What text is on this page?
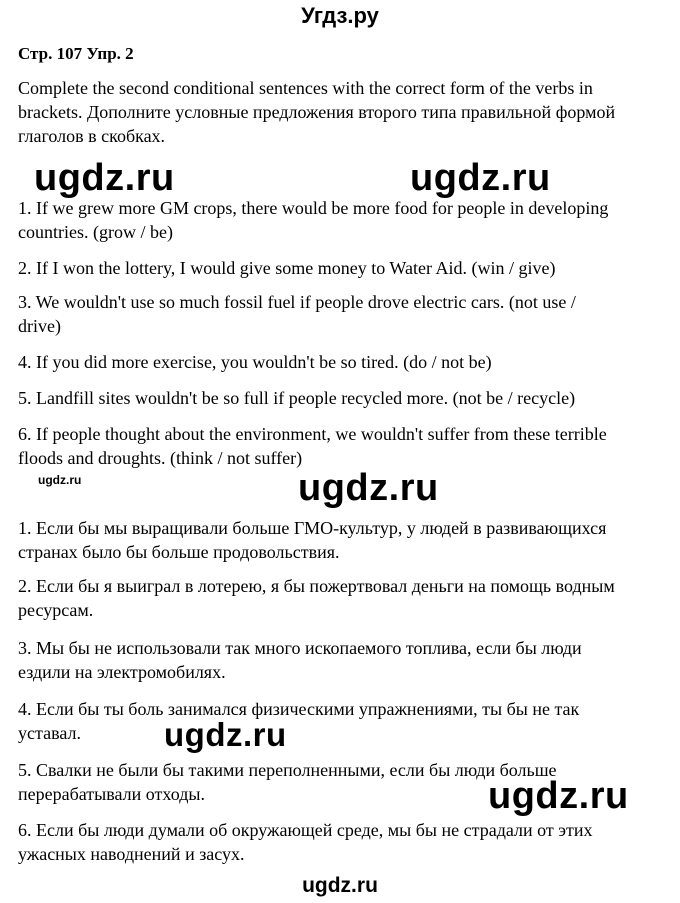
Угдз.ру
Стр. 107 Упр. 2
Complete the second conditional sentences with the correct form of the verbs in
brackets. Дополните условные предложения второго типа правильной формой
глаголов в скобках.
ugdz.ru	ugdz.ru
1. If we grew more GM crops, there would be more food for people in developing
countries. (grow / be)
2. If I won the lottery, I would give some money to Water Aid. (win / give)
3. We wouldn't use so much fossil fuel if people drove electric cars. (not use /
drive)
4. If you did more exercise, you wouldn't be so tired. (do / not be)
5. Landfill sites wouldn't be so full if people recycled more. (not be / recycle)
6. If people thought about the environment, we wouldn't suffer from these terrible
floods and droughts. (think / not suffer)
ugdz.ru	ugdz.ru
1. Если бы мы выращивали больше ГМО-культур, у людей в развивающихся
странах было бы больше продовольствия.
2. Если бы я выиграл в лотерею, я бы пожертвовал деньги на помощь водным
ресурсам.
3. Мы бы не использовали так много ископаемого топлива, если бы люди
ездили на электромобилях.
4. Если бы ты боль занимался физическими упражнениями, ты бы не так
уставал.	ugdz.ru
5. Свалки не были бы такими переполненными, если бы люди больше
перерабатывали отходы.	ugdz.ru
6. Если бы люди думали об окружающей среде, мы бы не страдали от этих
ужасных наводнений и засух.
ugdz.ru
